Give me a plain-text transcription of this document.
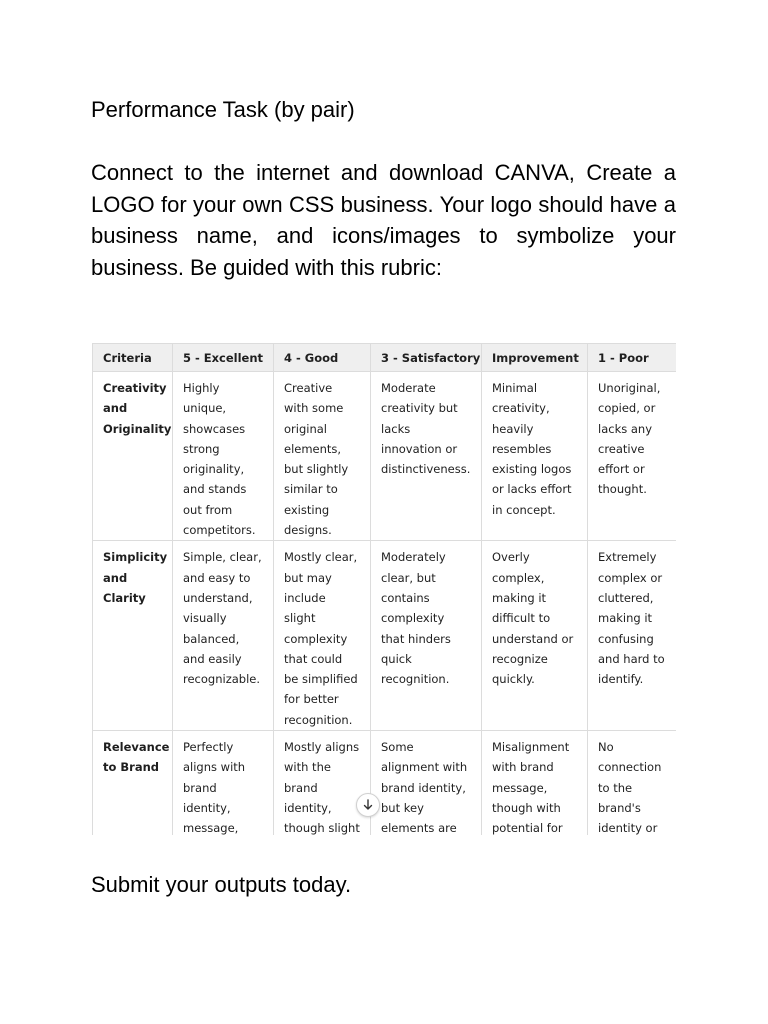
Performance Task (by pair)
Connect to the internet and download CANVA, Create a LOGO for your own CSS business. Your logo should have a business name, and icons/images to symbolize your business. Be guided with this rubric:
Criteria	5 - Excellent	4 - Good	3 - Satisfactory	Improvement	1 - Poor
Creativity and Originality	Highly unique, showcases strong originality, and stands out from competitors.	Creative with some original elements, but slightly similar to existing designs.	Moderate creativity but lacks innovation or distinctiveness.	Minimal creativity, heavily resembles existing logos or lacks effort in concept.	Unoriginal, copied, or lacks any creative effort or thought.
Simplicity and Clarity	Simple, clear, and easy to understand, visually balanced, and easily recognizable.	Mostly clear, but may include slight complexity that could be simplified for better recognition.	Moderately clear, but contains complexity that hinders quick recognition.	Overly complex, making it difficult to understand or recognize quickly.	Extremely complex or cluttered, making it confusing and hard to identify.
Relevance to Brand	Perfectly aligns with brand identity, message,	Mostly aligns with the brand identity, though slight	Some alignment with brand identity, but key elements are	Misalignment with brand message, though with potential for	No connection to the brand's identity or
Submit your outputs today.
